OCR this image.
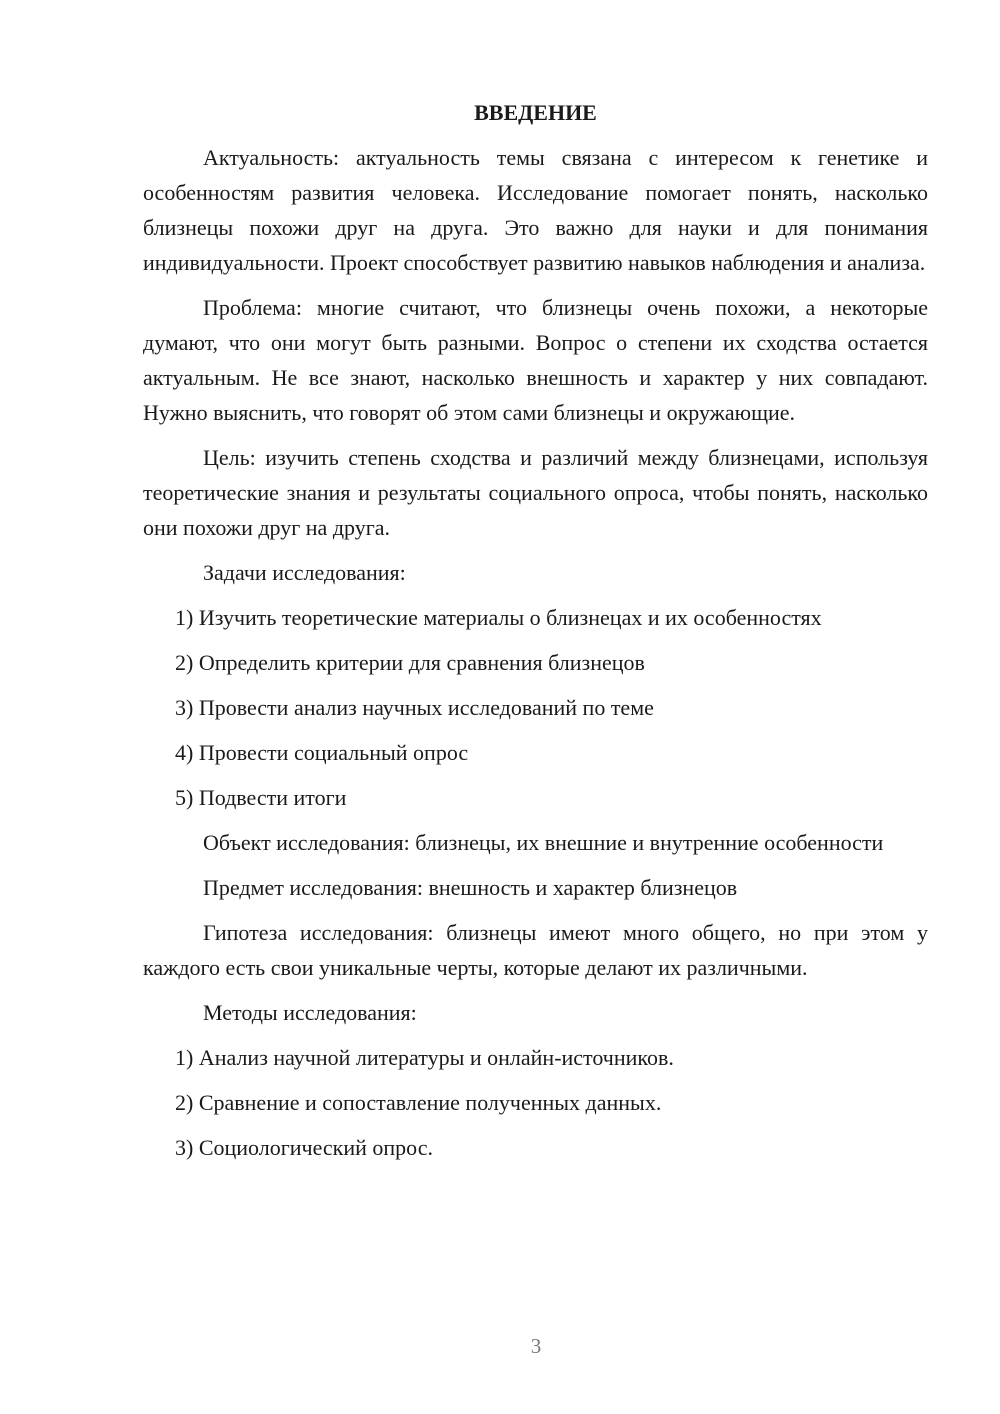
ВВЕДЕНИЕ

Актуальность: актуальность темы связана с интересом к генетике и особенностям развития человека. Исследование помогает понять, насколько близнецы похожи друг на друга. Это важно для науки и для понимания индивидуальности. Проект способствует развитию навыков наблюдения и анализа.

Проблема: многие считают, что близнецы очень похожи, а некоторые думают, что они могут быть разными. Вопрос о степени их сходства остается актуальным. Не все знают, насколько внешность и характер у них совпадают. Нужно выяснить, что говорят об этом сами близнецы и окружающие.

Цель: изучить степень сходства и различий между близнецами, используя теоретические знания и результаты социального опроса, чтобы понять, насколько они похожи друг на друга.

Задачи исследования:

1) Изучить теоретические материалы о близнецах и их особенностях
2) Определить критерии для сравнения близнецов
3) Провести анализ научных исследований по теме
4) Провести социальный опрос
5) Подвести итоги

Объект исследования: близнецы, их внешние и внутренние особенности

Предмет исследования: внешность и характер близнецов

Гипотеза исследования: близнецы имеют много общего, но при этом у каждого есть свои уникальные черты, которые делают их различными.

Методы исследования:

1) Анализ научной литературы и онлайн-источников.
2) Сравнение и сопоставление полученных данных.
3) Социологический опрос.
3
